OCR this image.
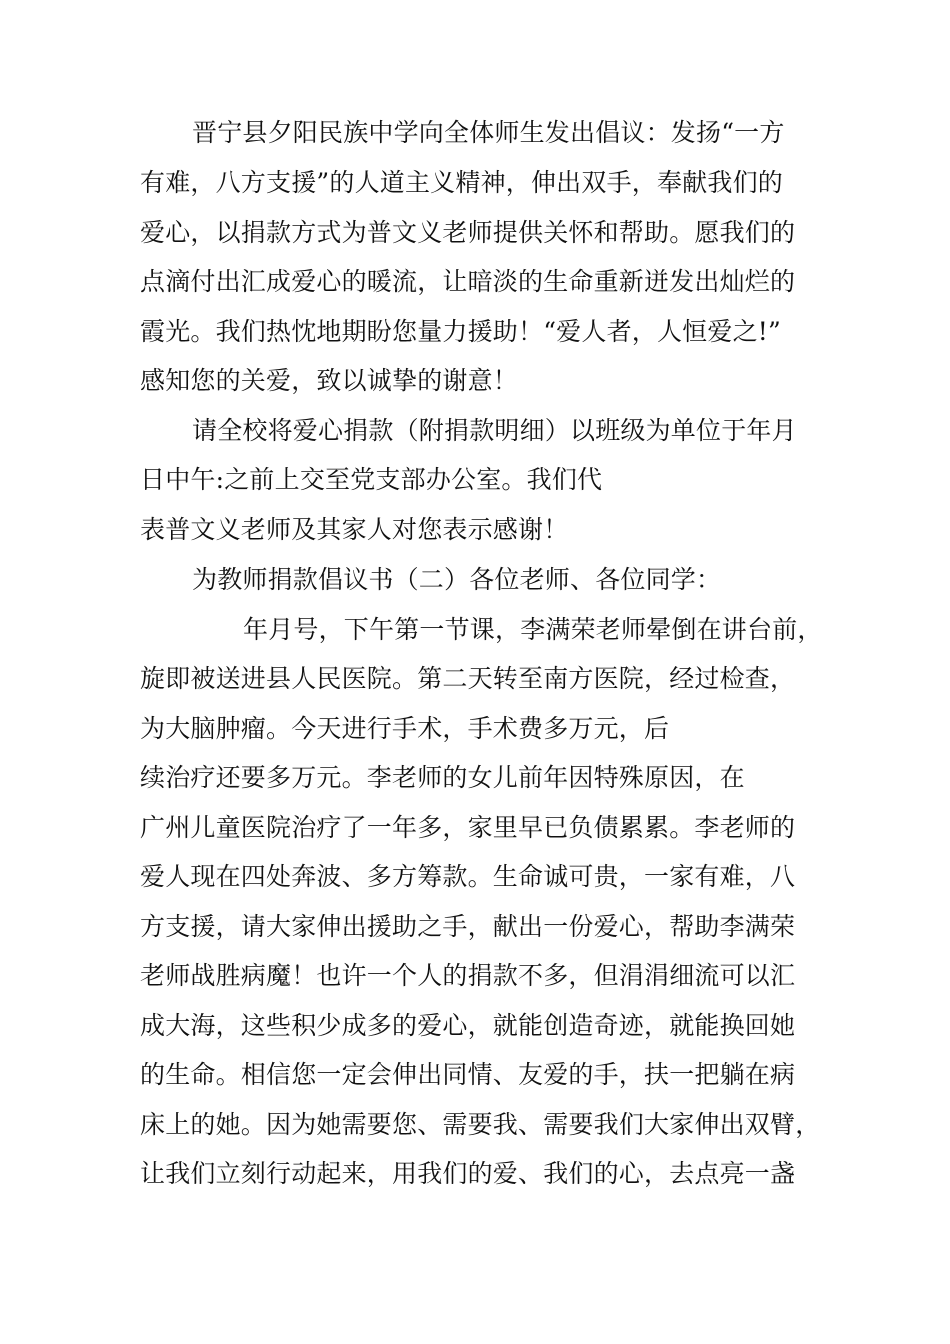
晋宁县夕阳民族中学向全体师生发出倡议：发扬“一方
有难，八方支援”的人道主义精神，伸出双手，奉献我们的
爱心，以捐款方式为普文义老师提供关怀和帮助。愿我们的
点滴付出汇成爱心的暖流，让暗淡的生命重新迸发出灿烂的
霞光。我们热忱地期盼您量力援助！“爱人者，人恒爱之!”
感知您的关爱，致以诚挚的谢意！
请全校将爱心捐款（附捐款明细）以班级为单位于年月
日中午:之前上交至党支部办公室。我们代
表普文义老师及其家人对您表示感谢！
为教师捐款倡议书（二）各位老师、各位同学：
年月号，下午第一节课，李满荣老师晕倒在讲台前，
旋即被送进县人民医院。第二天转至南方医院，经过检查，
为大脑肿瘤。今天进行手术，手术费多万元，后
续治疗还要多万元。李老师的女儿前年因特殊原因，在
广州儿童医院治疗了一年多，家里早已负债累累。李老师的
爱人现在四处奔波、多方筹款。生命诚可贵，一家有难，八
方支援，请大家伸出援助之手，献出一份爱心，帮助李满荣
老师战胜病魔！也许一个人的捐款不多，但涓涓细流可以汇
成大海，这些积少成多的爱心，就能创造奇迹，就能换回她
的生命。相信您一定会伸出同情、友爱的手，扶一把躺在病
床上的她。因为她需要您、需要我、需要我们大家伸出双臂，
让我们立刻行动起来，用我们的爱、我们的心，去点亮一盏
